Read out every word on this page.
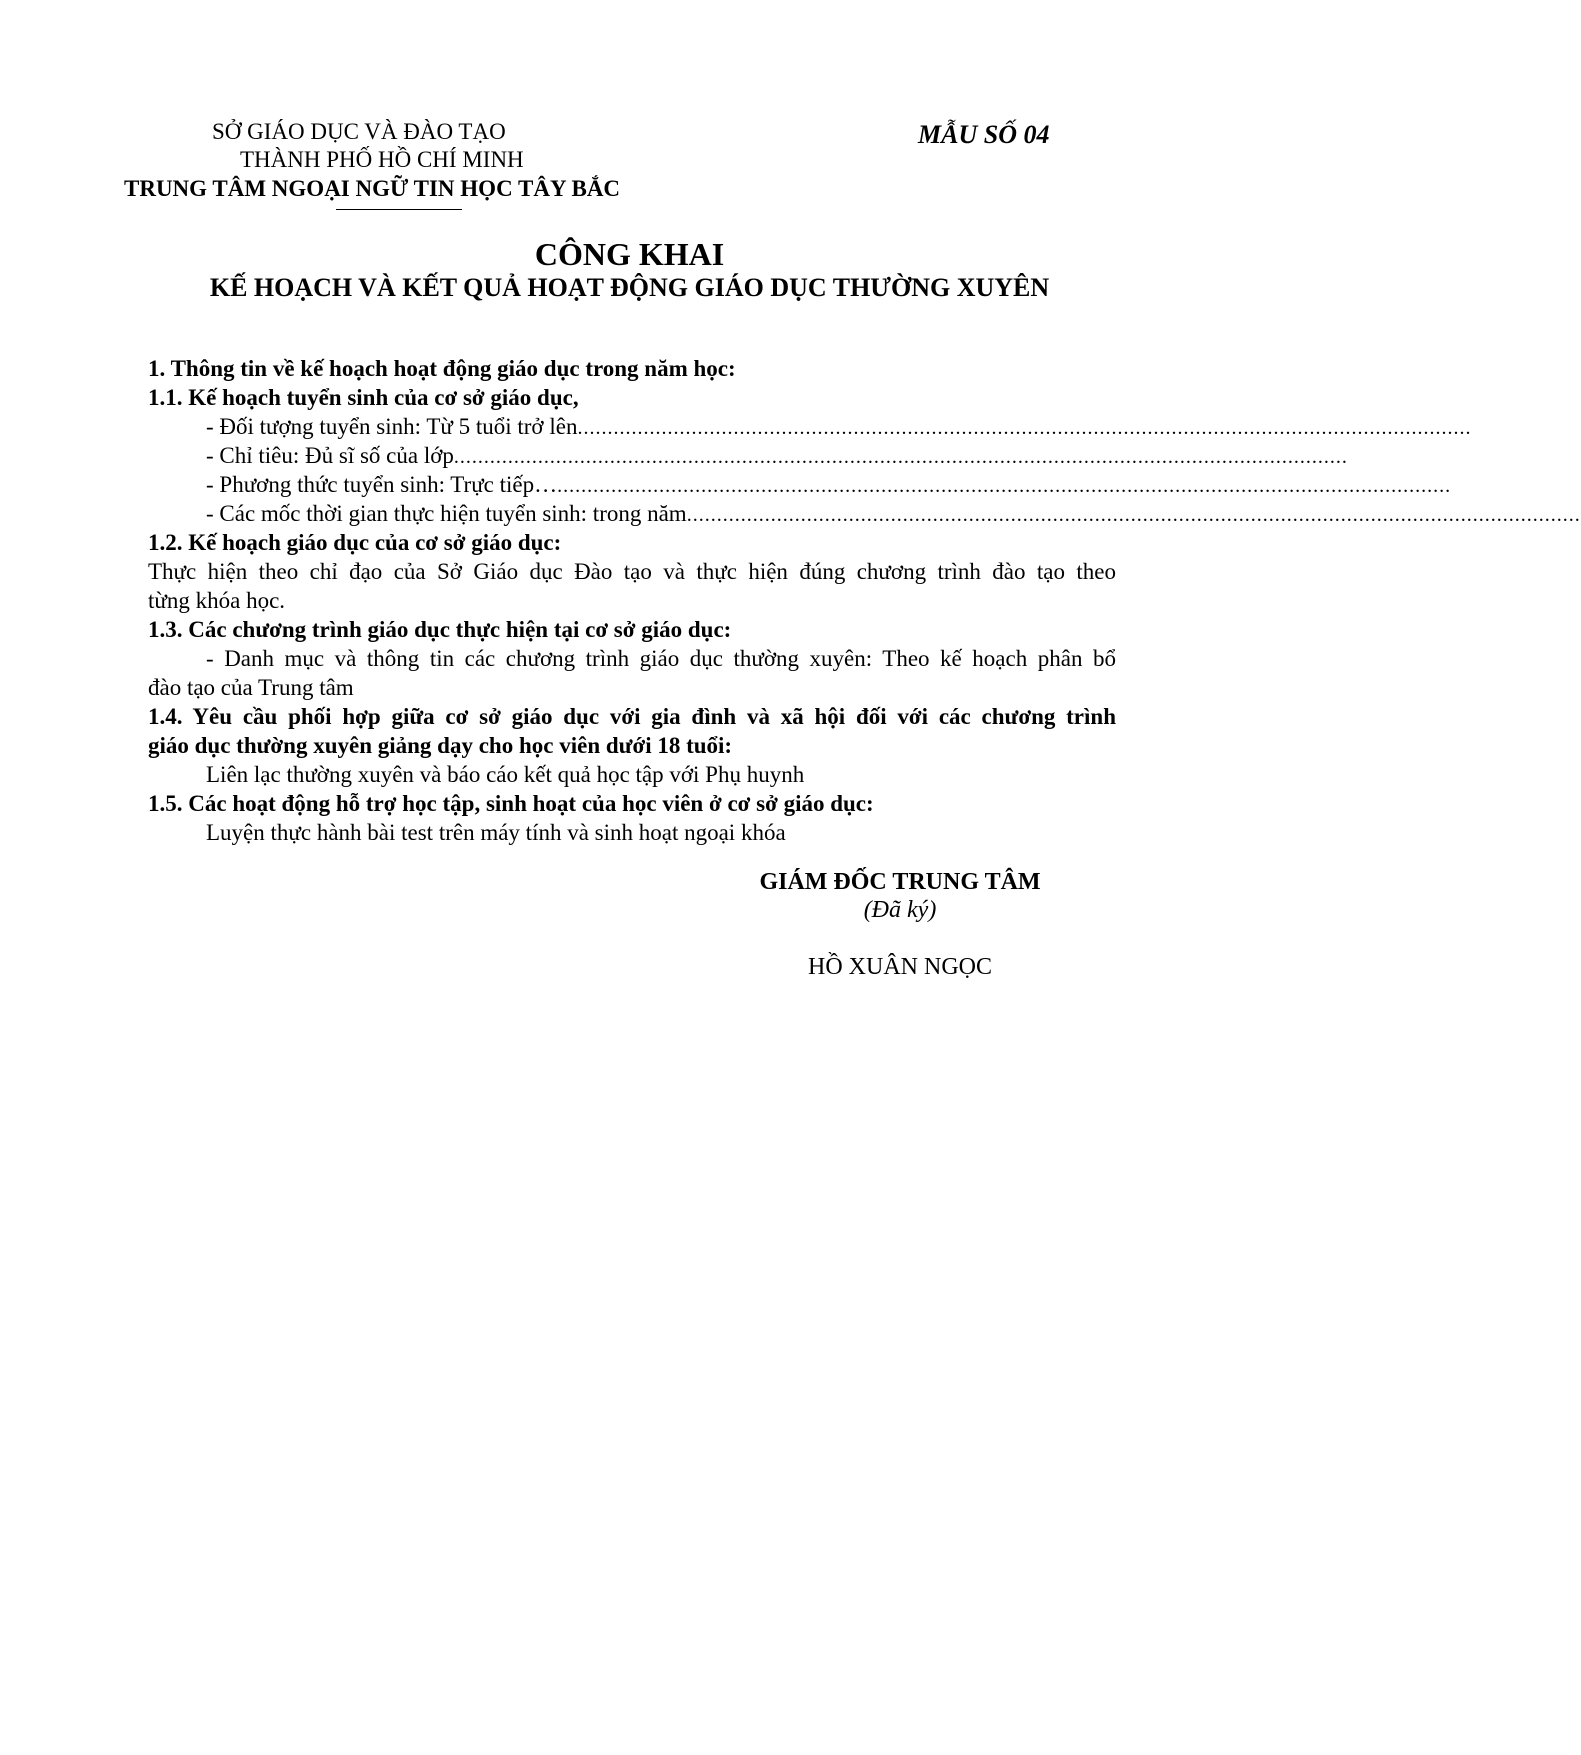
SỞ GIÁO DỤC VÀ ĐÀO TẠO
THÀNH PHỐ HỒ CHÍ MINH
TRUNG TÂM NGOẠI NGỮ TIN HỌC TÂY BẮC
MẪU SỐ 04
CÔNG KHAI
KẾ HOẠCH VÀ KẾT QUẢ HOẠT ĐỘNG GIÁO DỤC THƯỜNG XUYÊN
1. Thông tin về kế hoạch hoạt động giáo dục trong năm học:
1.1. Kế hoạch tuyển sinh của cơ sở giáo dục,
- Đối tượng tuyển sinh: Từ 5 tuổi trở lên .....................................................................................................................................................
- Chỉ tiêu: Đủ sĩ số của lớp .....................................................................................................................................................
- Phương thức tuyển sinh: Trực tiếp… .....................................................................................................................................................
- Các mốc thời gian thực hiện tuyển sinh: trong năm .....................................................................................................................................................
1.2. Kế hoạch giáo dục của cơ sở giáo dục:
Thực hiện theo chỉ đạo của Sở Giáo dục Đào tạo và thực hiện đúng chương trình đào tạo theo
từng khóa học.
1.3. Các chương trình giáo dục thực hiện tại cơ sở giáo dục:
- Danh mục và thông tin các chương trình giáo dục thường xuyên: Theo kế hoạch phân bổ
đào tạo của Trung tâm
1.4. Yêu cầu phối hợp giữa cơ sở giáo dục với gia đình và xã hội đối với các chương trình
giáo dục thường xuyên giảng dạy cho học viên dưới 18 tuổi:
Liên lạc thường xuyên và báo cáo kết quả học tập với Phụ huynh
1.5. Các hoạt động hỗ trợ học tập, sinh hoạt của học viên ở cơ sở giáo dục:
Luyện thực hành bài test trên máy tính và sinh hoạt ngoại khóa
GIÁM ĐỐC TRUNG TÂM
(Đã ký)
HỒ XUÂN NGỌC
